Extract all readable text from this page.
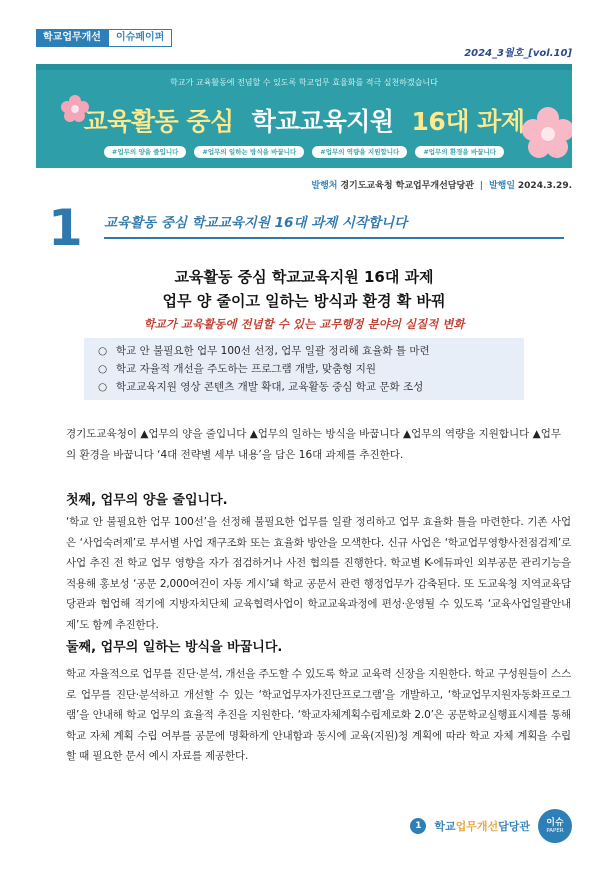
학교업무개선	이슈페이퍼
2024_3월호_[vol.10]
학교가 교육활동에 전념할 수 있도록 학교업무 효율화를 적극 실천하겠습니다
교육활동 중심 학교교육지원 16대 과제
#업무의 양을 줄입니다	#업무의 일하는 방식을 바꿉니다	#업무의 역량을 지원합니다	#업무의 환경을 바꿉니다
발행처 경기도교육청 학교업무개선담당관 | 발행일 2024.3.29.
1 교육활동 중심 학교교육지원 16대 과제 시작합니다
교육활동 중심 학교교육지원 16대 과제
업무 양 줄이고 일하는 방식과 환경 확 바꿔
학교가 교육활동에 전념할 수 있는 교무행정 분야의 실질적 변화
○ 학교 안 불필요한 업무 100선 선정, 업무 일괄 정리해 효율화 틀 마련
○ 학교 자율적 개선을 주도하는 프로그램 개발, 맞춤형 지원
○ 학교교육지원 영상 콘텐츠 개발 확대, 교육활동 중심 학교 문화 조성
경기도교육청이 ▲업무의 양을 줄입니다 ▲업무의 일하는 방식을 바꿉니다 ▲업무의 역량을 지원합니다 ▲업무의 환경을 바꿉니다 ‘4대 전략별 세부 내용’을 담은 16대 과제를 추진한다.
첫째, 업무의 양을 줄입니다.
‘학교 안 불필요한 업무 100선’을 선정해 불필요한 업무를 일괄 정리하고 업무 효율화 틀을 마련한다. 기존 사업은 ‘사업숙려제’로 부서별 사업 재구조화 또는 효율화 방안을 모색한다. 신규 사업은 ‘학교업무영향사전점검제’로 사업 추진 전 학교 업무 영향을 자가 점검하거나 사전 협의를 진행한다. 학교별 K-에듀파인 외부공문 관리기능을 적용해 홍보성 ‘공문 2,000여건이 자동 게시’돼 학교 공문서 관련 행정업무가 감축된다. 또 도교육청 지역교육담당관과 협업해 적기에 지방자치단체 교육협력사업이 학교교육과정에 편성·운영될 수 있도록 ‘교육사업일괄안내제’도 함께 추진한다.
둘째, 업무의 일하는 방식을 바꿉니다.
학교 자율적으로 업무를 진단·분석, 개선을 주도할 수 있도록 학교 교육력 신장을 지원한다. 학교 구성원들이 스스로 업무를 진단·분석하고 개선할 수 있는 ‘학교업무자가진단프로그램’을 개발하고, ‘학교업무지원자동화프로그램’을 안내해 학교 업무의 효율적 추진을 지원한다. ‘학교자체계획수립제로화 2.0’은 공문학교실행표시제를 통해 학교 자체 계획 수립 여부를 공문에 명확하게 안내함과 동시에 교육(지원)청 계획에 따라 학교 자체 계획을 수립할 때 필요한 문서 예시 자료를 제공한다.
1	학교업무개선담당관 이슈
PAPER
